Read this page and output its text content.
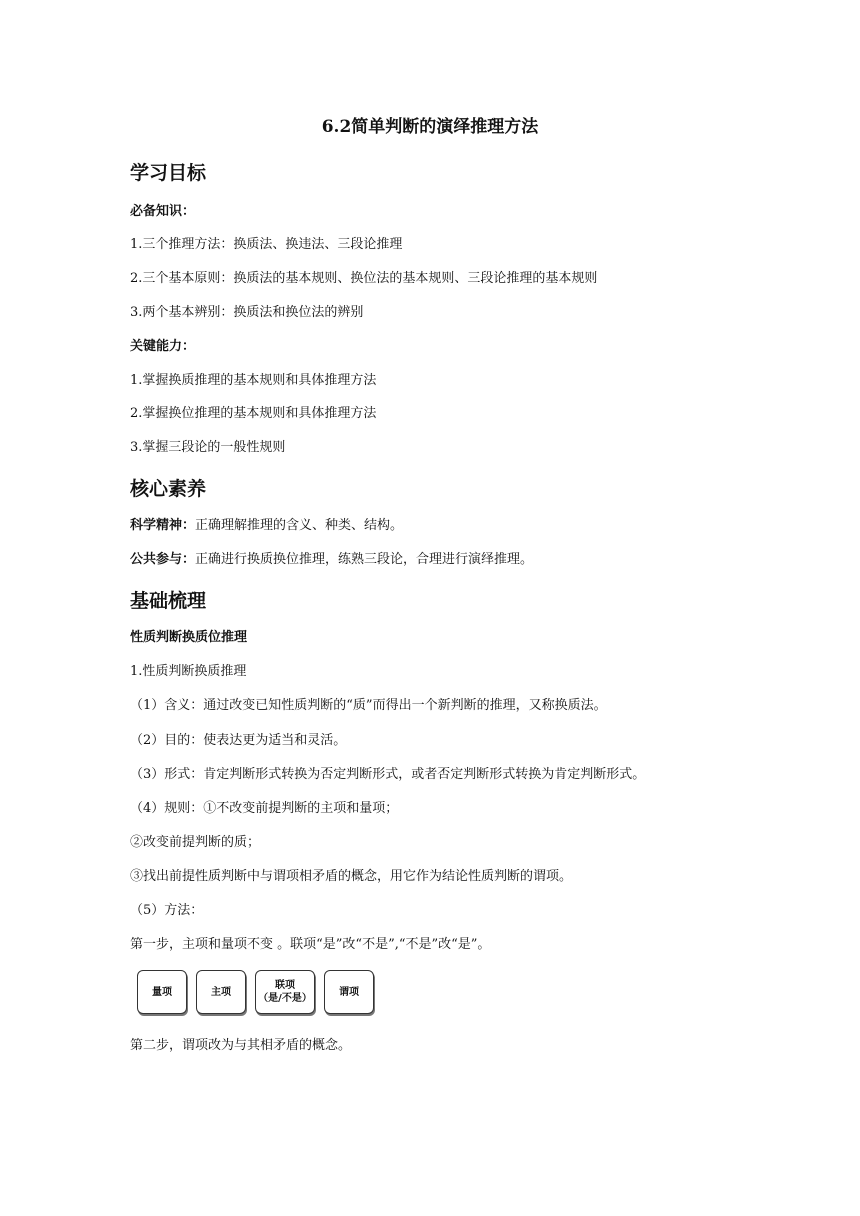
6.2简单判断的演绎推理方法
学习目标
必备知识：
1.三个推理方法：换质法、换违法、三段论推理
2.三个基本原则：换质法的基本规则、换位法的基本规则、三段论推理的基本规则
3.两个基本辨别：换质法和换位法的辨别
关键能力：
1.掌握换质推理的基本规则和具体推理方法
2.掌握换位推理的基本规则和具体推理方法
3.掌握三段论的一般性规则
核心素养
科学精神：正确理解推理的含义、种类、结构。
公共参与：正确进行换质换位推理，练熟三段论，合理进行演绎推理。
基础梳理
性质判断换质位推理
1.性质判断换质推理
（1）含义：通过改变已知性质判断的“质”而得出一个新判断的推理，又称换质法。
（2）目的：使表达更为适当和灵活。
（3）形式：肯定判断形式转换为否定判断形式，或者否定判断形式转换为肯定判断形式。
（4）规则：①不改变前提判断的主项和量项；
②改变前提判断的质；
③找出前提性质判断中与谓项相矛盾的概念，用它作为结论性质判断的谓项。
（5）方法：
第一步，主项和量项不变 。联项“是”改“不是”,“不是”改“是”。
量项	主项
联项
（是/不是）
谓项
第二步，谓项改为与其相矛盾的概念。
